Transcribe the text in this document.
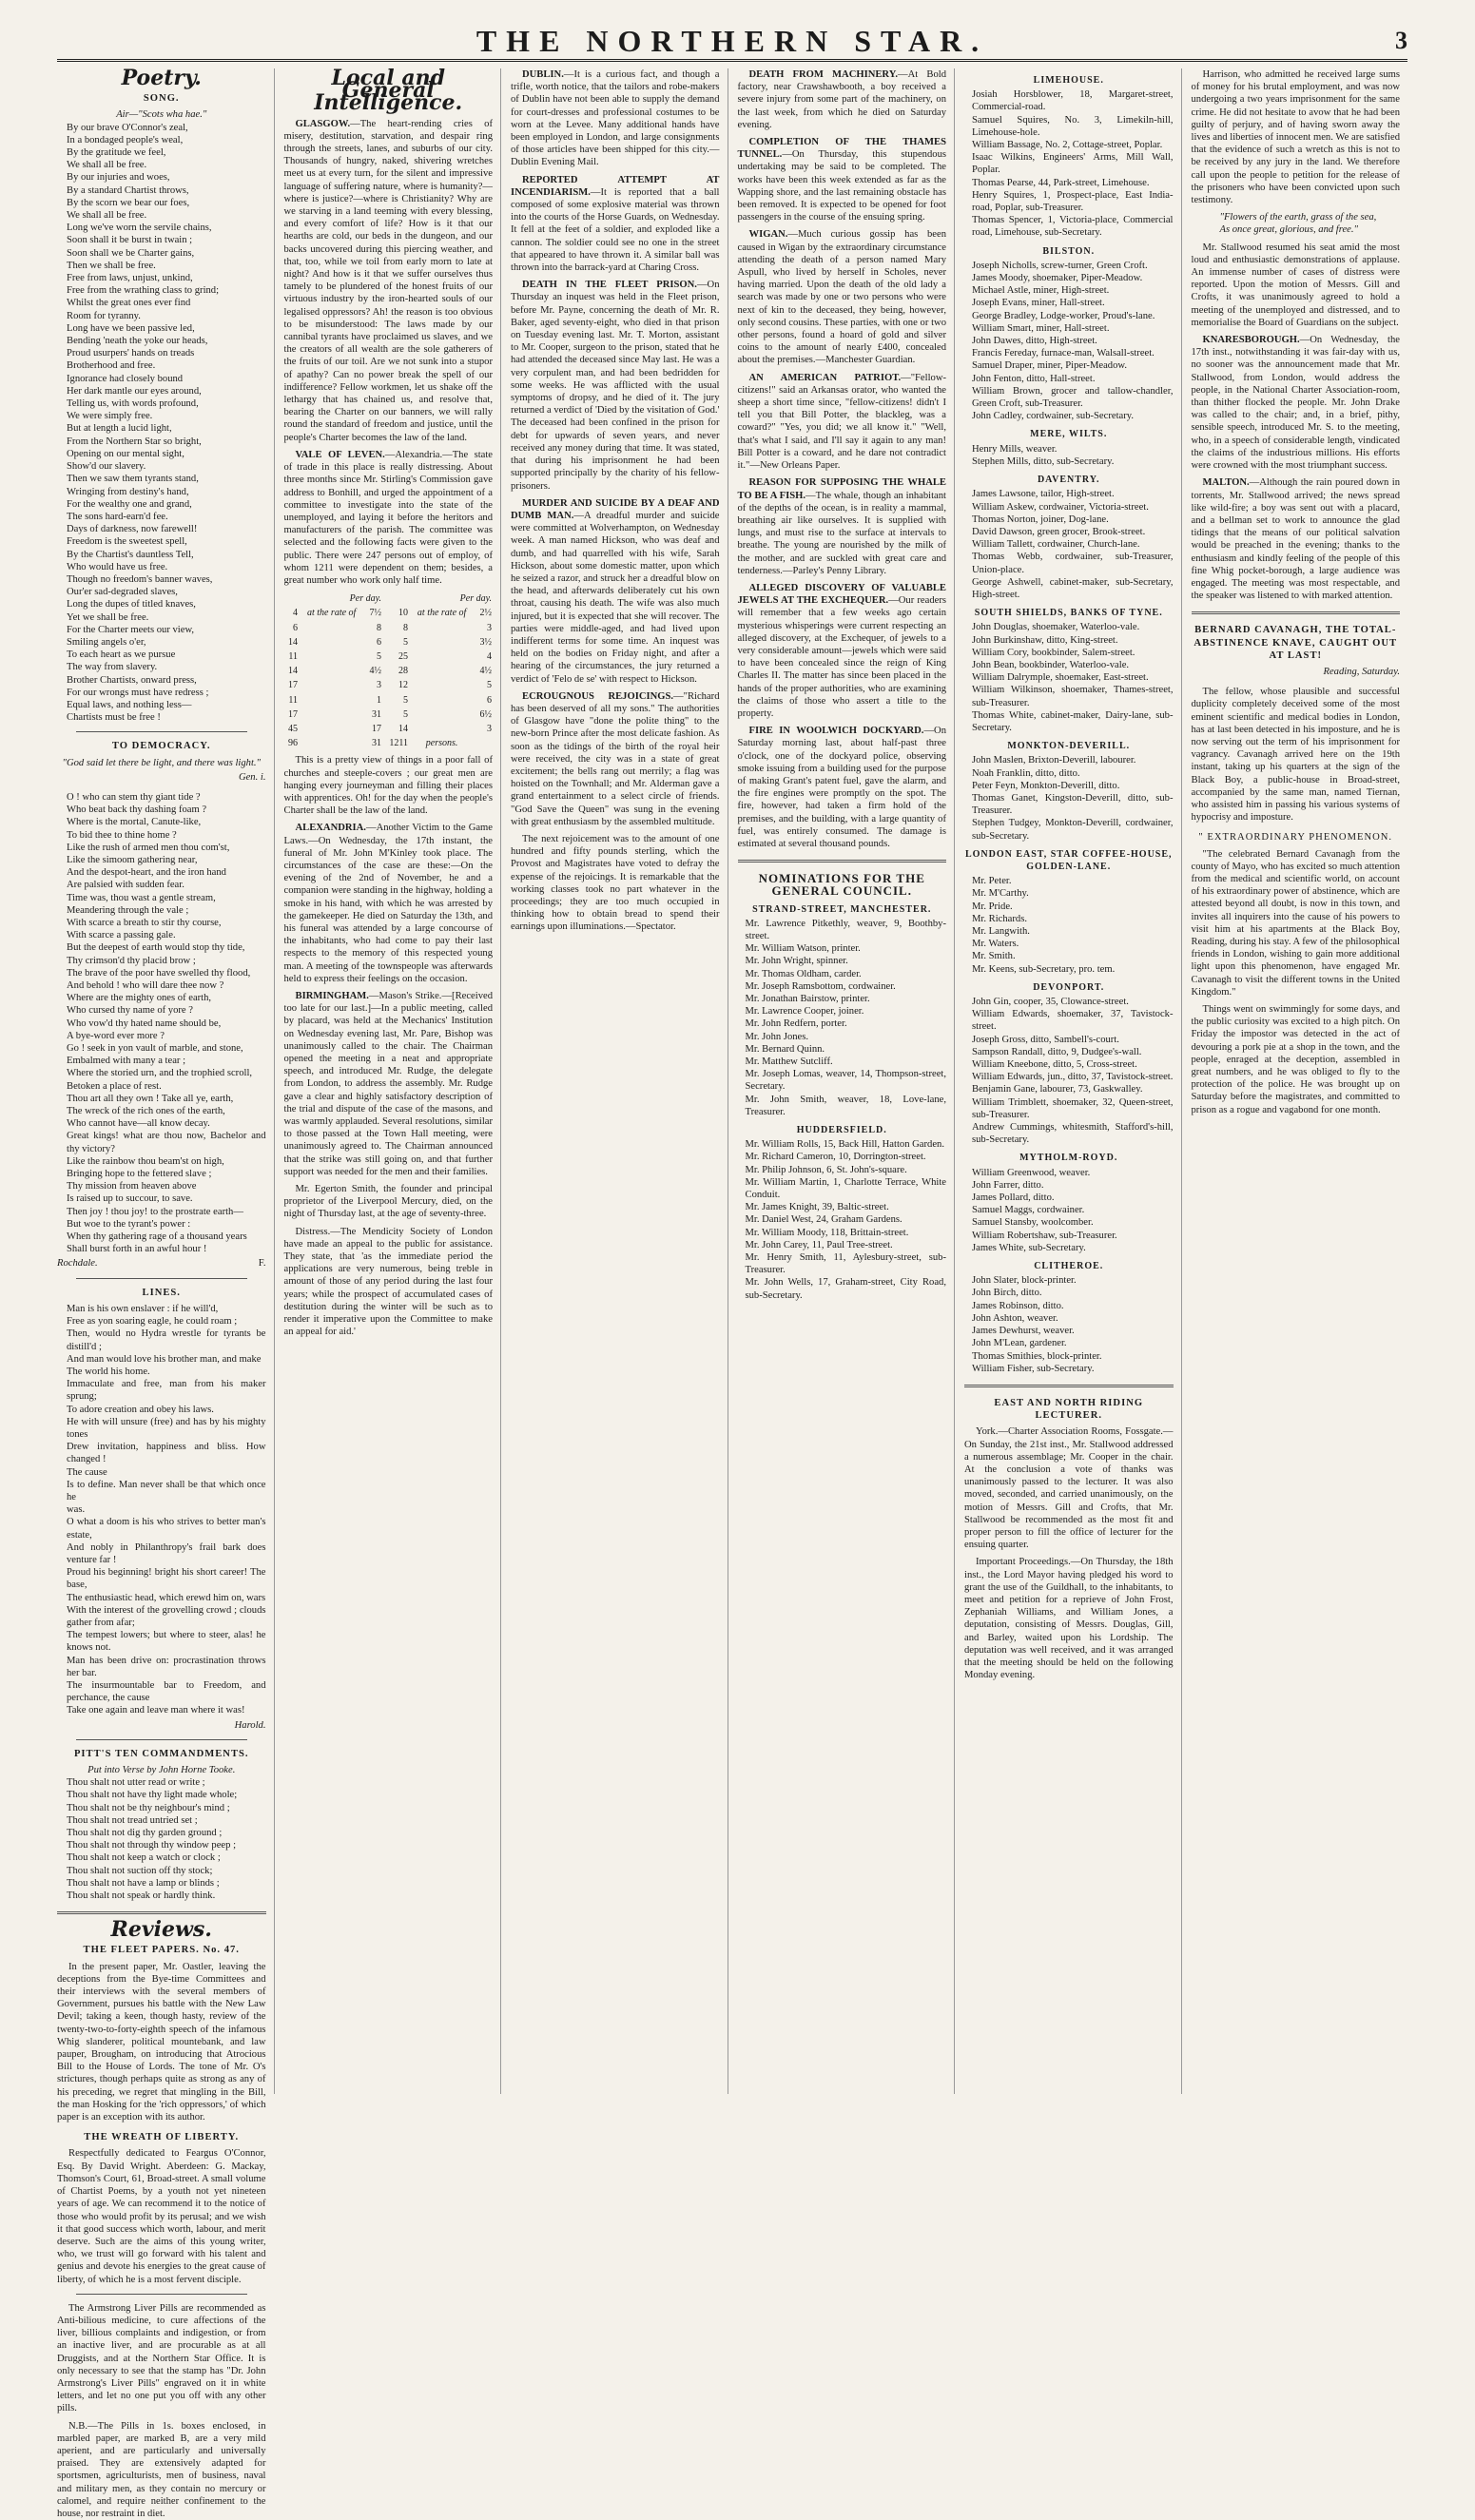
THE NORTHERN STAR.	3
Poetry.
SONG.
Air—"Scots wha hae."
By our brave O'Connor's zeal,
In a bondaged people's weal,
By the gratitude we feel,
We shall all be free.
By our injuries and woes,
By a standard Chartist throws,
By the scorn we bear our foes,
We shall all be free.
Long we've worn the servile chains,
Soon shall it be burst in twain ;
Soon shall we be Charter gains,
Then we shall be free.
Free from laws, unjust, unkind,
Free from the wrathing class to grind;
Whilst the great ones ever find
Room for tyranny.
Long have we been passive led,
Bending 'neath the yoke our heads,
Proud usurpers' hands on treads
Brotherhood and free.
Ignorance had closely bound
Her dark mantle our eyes around,
Telling us, with words profound,
We were simply free.
But at length a lucid light,
From the Northern Star so bright,
Opening on our mental sight,
Show'd our slavery.
Then we saw them tyrants stand,
Wringing from destiny's hand,
For the wealthy one and grand,
The sons hard-earn'd fee.
Days of darkness, now farewell!
Freedom is the sweetest spell,
By the Chartist's dauntless Tell,
Who would have us free.
Though no freedom's banner waves,
Our'er sad-degraded slaves,
Long the dupes of titled knaves,
Yet we shall be free.
For the Charter meets our view,
Smiling angels o'er,
To each heart as we pursue
The way from slavery.
Brother Chartists, onward press,
For our wrongs must have redress ;
Equal laws, and nothing less—
Chartists must be free !
TO DEMOCRACY.
"God said let there be light, and there was light."
Gen. i.
O ! who can stem thy giant tide ?
Who beat back thy dashing foam ?
Where is the mortal, Canute-like,
To bid thee to thine home ?
Like the rush of armed men thou com'st,
Like the simoom gathering near,
And the despot-heart, and the iron hand
Are palsied with sudden fear.
Time was, thou wast a gentle stream,
Meandering through the vale ;
With scarce a breath to stir thy course,
With scarce a passing gale.
But the deepest of earth would stop thy tide,
Thy crimson'd thy placid brow ;
The brave of the poor have swelled thy flood,
And behold ! who will dare thee now ?
Where are the mighty ones of earth,
Who cursed thy name of yore ?
Who vow'd thy hated name should be,
A bye-word ever more ?
Go ! seek in yon vault of marble, and stone,
Embalmed with many a tear ;
Where the storied urn, and the trophied scroll,
Betoken a place of rest.
Thou art all they own ! Take all ye, earth,
The wreck of the rich ones of the earth,
Who cannot have—all know decay.
Great kings! what are thou now, Bachelor and thy victory?
Like the rainbow thou beam'st on high,
Bringing hope to the fettered slave ;
Thy mission from heaven above
Is raised up to succour, to save.
Then joy ! thou joy! to the prostrate earth—
But woe to the tyrant's power :
When thy gathering rage of a thousand years
Shall burst forth in an awful hour !
Rochdale.	F.
LINES.
Man is his own enslaver : if he will'd,
Free as yon soaring eagle, he could roam ;
Then, would no Hydra wrestle for tyrants be distill'd ;
And man would love his brother man, and make
The world his home.
Immaculate and free, man from his maker sprung;
To adore creation and obey his laws.
He with will unsure (free) and has by his mighty tones
Drew invitation, happiness and bliss. How changed !
The cause
Is to define. Man never shall be that which once he
was.
O what a doom is his who strives to better man's estate,
And nobly in Philanthropy's frail bark does venture far !
Proud his beginning! bright his short career! The base,
The enthusiastic head, which erewd him on, wars
With the interest of the grovelling crowd ; clouds gather from afar;
The tempest lowers; but where to steer, alas! he knows not.
Man has been drive on: procrastination throws her bar.
The insurmountable bar to Freedom, and perchance, the cause
Take one again and leave man where it was!
Harold.
PITT'S TEN COMMANDMENTS.
Put into Verse by John Horne Tooke.
Thou shalt not utter read or write ;
Thou shalt not have thy light made whole;
Thou shalt not be thy neighbour's mind ;
Thou shalt not tread untried set ;
Thou shalt not dig thy garden ground ;
Thou shalt not through thy window peep ;
Thou shalt not keep a watch or clock ;
Thou shalt not suction off thy stock;
Thou shalt not have a lamp or blinds ;
Thou shalt not speak or hardly think.
Reviews.
THE FLEET PAPERS. No. 47.

In the present paper, Mr. Oastler, leaving the deceptions from the Bye-time Committees and their interviews with the several members of Government, pursues his battle with the New Law Devil; taking a keen, though hasty, review of the twenty-two-to-forty-eighth speech of the infamous Whig slanderer, political mountebank, and law pauper, Brougham, on introducing that Atrocious Bill to the House of Lords. The tone of Mr. O's strictures, though perhaps quite as strong as any of his preceding, we regret that mingling in the Bill, the man Hosking for the 'rich oppressors,' of which paper is an exception with its author.

THE WREATH OF LIBERTY.

Respectfully dedicated to Feargus O'Connor, Esq. By David Wright. Aberdeen: G. Mackay, Thomson's Court, 61, Broad-street. A small volume of Chartist Poems, by a youth not yet nineteen years of age. We can recommend it to the notice of those who would profit by its perusal; and we wish it that good success which worth, labour, and merit deserve. Such are the aims of this young writer, who, we trust will go forward with his talent and genius and devote his energies to the great cause of liberty, of which he is a most fervent disciple.

The Armstrong Liver Pills are recommended as Anti-bilious medicine, to cure affections of the liver, billious complaints and indigestion, or from an inactive liver, and are procurable as at all Druggists, and at the Northern Star Office. It is only necessary to see that the stamp has "Dr. John Armstrong's Liver Pills" engraved on it in white letters, and let no one put you off with any other pills.

N.B.—The Pills in 1s. boxes enclosed, in marbled paper, are marked B, are a very mild aperient, and are particularly and universally praised. They are extensively adapted for sportsmen, agriculturists, men of business, naval and military men, as they contain no mercury or calomel, and require neither confinement to the house, nor restraint in diet.

Local and General Intelligence.

GLASGOW.—The heart-rending cries of misery, destitution, starvation, and despair ring through the streets, lanes, and suburbs of our city. Thousands of hungry, naked, shivering wretches meet us at every turn, for the silent and impressive language of suffering nature, where is humanity?—where is justice?—where is Christianity? Why are we starving in a land teeming with every blessing, and every comfort of life? How is it that our hearths are cold, our beds in the dungeon, and our backs uncovered during this piercing weather, and that, too, while we toil from early morn to late at night? And how is it that we suffer ourselves thus tamely to be plundered of the honest fruits of our virtuous industry by the iron-hearted souls of our legalised oppressors? Ah! the reason is too obvious to be misunderstood: The laws made by our cannibal tyrants have proclaimed us slaves, and we the creators of all wealth are the sole gatherers of the fruits of our toil. Are we not sunk into a stupor of apathy? Can no power break the spell of our indifference? Fellow workmen, let us shake off the lethargy that has chained us, and resolve that, bearing the Charter on our banners, we will rally round the standard of freedom and justice, until the people's Charter becomes the law of the land.

VALE OF LEVEN.—Alexandria.—The state of trade in this place is really distressing. About three months since Mr. Stirling's Commission gave address to Bonhill, and urged the appointment of a committee to investigate into the state of the unemployed, and laying it before the heritors and manufacturers of the parish. The committee was selected and the following facts were given to the public. There were 247 persons out of employ, of whom 1211 were dependent on them; besides, a great number who work only half time.

Per day.			Per day.		
4	at the rate of	7½	10	at the rate of	2½
6		8	8		3
14		6	5		3½
11		5	25		4
14		4½	28		4½
17		3	12		5
11		1	5		6
17		31	5		6½
45		17	14		3
96		31	1211	persons.	

This is a pretty view of things in a poor fall of churches and steeple-covers ; our great men are hanging every journeyman and filling their places with apprentices. Oh! for the day when the people's Charter shall be the law of the land.

ALEXANDRIA.—Another Victim to the Game Laws.—On Wednesday, the 17th instant, the funeral of Mr. John M'Kinley took place. The circumstances of the case are these:—On the evening of the 2nd of November, he and a companion were standing in the highway, holding a smoke in his hand, with which he was arrested by the gamekeeper. He died on Saturday the 13th, and his funeral was attended by a large concourse of the inhabitants, who had come to pay their last respects to the memory of this respected young man. A meeting of the townspeople was afterwards held to express their feelings on the occasion.

BIRMINGHAM.—Mason's Strike.—[Received too late for our last.]—In a public meeting, called by placard, was held at the Mechanics' Institution on Wednesday evening last, Mr. Pare, Bishop was unanimously called to the chair. The Chairman opened the meeting in a neat and appropriate speech, and introduced Mr. Rudge, the delegate from London, to address the assembly. Mr. Rudge gave a clear and highly satisfactory description of the trial and dispute of the case of the masons, and was warmly applauded. Several resolutions, similar to those passed at the Town Hall meeting, were unanimously agreed to. The Chairman announced that the strike was still going on, and that further support was needed for the men and their families.

Mr. Egerton Smith, the founder and principal proprietor of the Liverpool Mercury, died, on the night of Thursday last, at the age of seventy-three.

Distress.—The Mendicity Society of London have made an appeal to the public for assistance. They state, that 'as the immediate period the applications are very numerous, being treble in amount of those of any period during the last four years; while the prospect of accumulated cases of destitution during the winter will be such as to render it imperative upon the Committee to make an appeal for aid.'

DUBLIN.—It is a curious fact, and though a trifle, worth notice, that the tailors and robe-makers of Dublin have not been able to supply the demand for court-dresses and professional costumes to be worn at the Levee. Many additional hands have been employed in London, and large consignments of those articles have been shipped for this city.—Dublin Evening Mail.

REPORTED ATTEMPT AT INCENDIARISM.—It is reported that a ball composed of some explosive material was thrown into the courts of the Horse Guards, on Wednesday. It fell at the feet of a soldier, and exploded like a cannon. The soldier could see no one in the street that appeared to have thrown it. A similar ball was thrown into the barrack-yard at Charing Cross.

DEATH IN THE FLEET PRISON.—On Thursday an inquest was held in the Fleet prison, before Mr. Payne, concerning the death of Mr. R. Baker, aged seventy-eight, who died in that prison on Tuesday evening last. Mr. T. Morton, assistant to Mr. Cooper, surgeon to the prison, stated that he had attended the deceased since May last. He was a very corpulent man, and had been bedridden for some weeks. He was afflicted with the usual symptoms of dropsy, and he died of it. The jury returned a verdict of 'Died by the visitation of God.' The deceased had been confined in the prison for debt for upwards of seven years, and never received any money during that time. It was stated, that during his imprisonment he had been supported principally by the charity of his fellow-prisoners.

MURDER AND SUICIDE BY A DEAF AND DUMB MAN.—A dreadful murder and suicide were committed at Wolverhampton, on Wednesday week. A man named Hickson, who was deaf and dumb, and had quarrelled with his wife, Sarah Hickson, about some domestic matter, upon which he seized a razor, and struck her a dreadful blow on the head, and afterwards deliberately cut his own throat, causing his death. The wife was also much injured, but it is expected that she will recover. The parties were middle-aged, and had lived upon indifferent terms for some time. An inquest was held on the bodies on Friday night, and after a hearing of the circumstances, the jury returned a verdict of 'Felo de se' with respect to Hickson.

ECROUGNOUS REJOICINGS.—"Richard has been deserved of all my sons." The authorities of Glasgow have "done the polite thing" to the new-born Prince after the most delicate fashion. As soon as the tidings of the birth of the royal heir were received, the city was in a state of great excitement; the bells rang out merrily; a flag was hoisted on the Townhall; and Mr. Alderman gave a grand entertainment to a select circle of friends. "God Save the Queen" was sung in the evening with great enthusiasm by the assembled multitude.

The next rejoicement was to the amount of one hundred and fifty pounds sterling, which the Provost and Magistrates have voted to defray the expense of the rejoicings. It is remarkable that the working classes took no part whatever in the proceedings; they are too much occupied in thinking how to obtain bread to spend their earnings upon illuminations.—Spectator.

DEATH FROM MACHINERY.—At Bold factory, near Crawshawbooth, a boy received a severe injury from some part of the machinery, on the last week, from which he died on Saturday evening.

COMPLETION OF THE THAMES TUNNEL.—On Thursday, this stupendous undertaking may be said to be completed. The works have been this week extended as far as the Wapping shore, and the last remaining obstacle has been removed. It is expected to be opened for foot passengers in the course of the ensuing spring.

WIGAN.—Much curious gossip has been caused in Wigan by the extraordinary circumstance attending the death of a person named Mary Aspull, who lived by herself in Scholes, never having married. Upon the death of the old lady a search was made by one or two persons who were next of kin to the deceased, they being, however, only second cousins. These parties, with one or two other persons, found a hoard of gold and silver coins to the amount of nearly £400, concealed about the premises.—Manchester Guardian.

AN AMERICAN PATRIOT.—"Fellow-citizens!" said an Arkansas orator, who wanted the sheep a short time since, "fellow-citizens! didn't I tell you that Bill Potter, the blackleg, was a coward?" "Yes, you did; we all know it." "Well, that's what I said, and I'll say it again to any man! Bill Potter is a coward, and he dare not contradict it."—New Orleans Paper.

REASON FOR SUPPOSING THE WHALE TO BE A FISH.—The whale, though an inhabitant of the depths of the ocean, is in reality a mammal, breathing air like ourselves. It is supplied with lungs, and must rise to the surface at intervals to breathe. The young are nourished by the milk of the mother, and are suckled with great care and tenderness.—Parley's Penny Library.

ALLEGED DISCOVERY OF VALUABLE JEWELS AT THE EXCHEQUER.—Our readers will remember that a few weeks ago certain mysterious whisperings were current respecting an alleged discovery, at the Exchequer, of jewels to a very considerable amount—jewels which were said to have been concealed since the reign of King Charles II. The matter has since been placed in the hands of the proper authorities, who are examining the claims of those who assert a title to the property.

FIRE IN WOOLWICH DOCKYARD.—On Saturday morning last, about half-past three o'clock, one of the dockyard police, observing smoke issuing from a building used for the purpose of making Grant's patent fuel, gave the alarm, and the fire engines were promptly on the spot. The fire, however, had taken a firm hold of the premises, and the building, with a large quantity of fuel, was entirely consumed. The damage is estimated at several thousand pounds.

NOMINATIONS FOR THE GENERAL COUNCIL.
STRAND-STREET, MANCHESTER.
Mr. Lawrence Pitkethly, weaver, 9, Boothby-street.
Mr. William Watson, printer.
Mr. John Wright, spinner.
Mr. Thomas Oldham, carder.
Mr. Joseph Ramsbottom, cordwainer.
Mr. Jonathan Bairstow, printer.
Mr. Lawrence Cooper, joiner.
Mr. John Redfern, porter.
Mr. John Jones.
Mr. Bernard Quinn.
Mr. Matthew Sutcliff.
Mr. Joseph Lomas, weaver, 14, Thompson-street, Secretary.
Mr. John Smith, weaver, 18, Love-lane, Treasurer.
HUDDERSFIELD.
Mr. William Rolls, 15, Back Hill, Hatton Garden.
Mr. Richard Cameron, 10, Dorrington-street.
Mr. Philip Johnson, 6, St. John's-square.
Mr. William Martin, 1, Charlotte Terrace, White Conduit.
Mr. James Knight, 39, Baltic-street.
Mr. Daniel West, 24, Graham Gardens.
Mr. William Moody, 118, Brittain-street.
Mr. John Carey, 11, Paul Tree-street.
Mr. Henry Smith, 11, Aylesbury-street, sub-Treasurer.
Mr. John Wells, 17, Graham-street, City Road, sub-Secretary.
LIMEHOUSE.
Josiah Horsblower, 18, Margaret-street, Commercial-road.
Samuel Squires, No. 3, Limekiln-hill, Limehouse-hole.
William Bassage, No. 2, Cottage-street, Poplar.
Isaac Wilkins, Engineers' Arms, Mill Wall, Poplar.
Thomas Pearse, 44, Park-street, Limehouse.
Henry Squires, 1, Prospect-place, East India-road, Poplar, sub-Treasurer.
Thomas Spencer, 1, Victoria-place, Commercial road, Limehouse, sub-Secretary.
BILSTON.
Joseph Nicholls, screw-turner, Green Croft.
James Moody, shoemaker, Piper-Meadow.
Michael Astle, miner, High-street.
Joseph Evans, miner, Hall-street.
George Bradley, Lodge-worker, Proud's-lane.
William Smart, miner, Hall-street.
John Dawes, ditto, High-street.
Francis Fereday, furnace-man, Walsall-street.
Samuel Draper, miner, Piper-Meadow.
John Fenton, ditto, Hall-street.
William Brown, grocer and tallow-chandler, Green Croft, sub-Treasurer.
John Cadley, cordwainer, sub-Secretary.
MERE, WILTS.
Henry Mills, weaver.
Stephen Mills, ditto, sub-Secretary.
DAVENTRY.
James Lawsone, tailor, High-street.
William Askew, cordwainer, Victoria-street.
Thomas Norton, joiner, Dog-lane.
David Dawson, green grocer, Brook-street.
William Tallett, cordwainer, Church-lane.
Thomas Webb, cordwainer, sub-Treasurer, Union-place.
George Ashwell, cabinet-maker, sub-Secretary, High-street.
SOUTH SHIELDS, BANKS OF TYNE.
John Douglas, shoemaker, Waterloo-vale.
John Burkinshaw, ditto, King-street.
William Cory, bookbinder, Salem-street.
John Bean, bookbinder, Waterloo-vale.
William Dalrymple, shoemaker, East-street.
William Wilkinson, shoemaker, Thames-street, sub-Treasurer.
Thomas White, cabinet-maker, Dairy-lane, sub-Secretary.
MONKTON-DEVERILL.
John Maslen, Brixton-Deverill, labourer.
Noah Franklin, ditto, ditto.
Peter Feyn, Monkton-Deverill, ditto.
Thomas Ganet, Kingston-Deverill, ditto, sub-Treasurer.
Stephen Tudgey, Monkton-Deverill, cordwainer, sub-Secretary.
LONDON EAST, STAR COFFEE-HOUSE, GOLDEN-LANE.
Mr. Peter.
Mr. M'Carthy.
Mr. Pride.
Mr. Richards.
Mr. Langwith.
Mr. Waters.
Mr. Smith.
Mr. Keens, sub-Secretary, pro. tem.
DEVONPORT.
John Gin, cooper, 35, Clowance-street.
William Edwards, shoemaker, 37, Tavistock-street.
Joseph Gross, ditto, Sambell's-court.
Sampson Randall, ditto, 9, Dudgee's-wall.
William Kneebone, ditto, 5, Cross-street.
William Edwards, jun., ditto, 37, Tavistock-street.
Benjamin Gane, labourer, 73, Gaskwalley.
William Trimblett, shoemaker, 32, Queen-street, sub-Treasurer.
Andrew Cummings, whitesmith, Stafford's-hill, sub-Secretary.
MYTHOLM-ROYD.
William Greenwood, weaver.
John Farrer, ditto.
James Pollard, ditto.
Samuel Maggs, cordwainer.
Samuel Stansby, woolcomber.
William Robertshaw, sub-Treasurer.
James White, sub-Secretary.
CLITHEROE.
John Slater, block-printer.
John Birch, ditto.
James Robinson, ditto.
John Ashton, weaver.
James Dewhurst, weaver.
John M'Lean, gardener.
Thomas Smithies, block-printer.
William Fisher, sub-Secretary.
EAST AND NORTH RIDING LECTURER.

York.—Charter Association Rooms, Fossgate.—On Sunday, the 21st inst., Mr. Stallwood addressed a numerous assemblage; Mr. Cooper in the chair. At the conclusion a vote of thanks was unanimously passed to the lecturer. It was also moved, seconded, and carried unanimously, on the motion of Messrs. Gill and Crofts, that Mr. Stallwood be recommended as the most fit and proper person to fill the office of lecturer for the ensuing quarter.

Important Proceedings.—On Thursday, the 18th inst., the Lord Mayor having pledged his word to grant the use of the Guildhall, to the inhabitants, to meet and petition for a reprieve of John Frost, Zephaniah Williams, and William Jones, a deputation, consisting of Messrs. Douglas, Gill, and Barley, waited upon his Lordship. The deputation was well received, and it was arranged that the meeting should be held on the following Monday evening.

Harrison, who admitted he received large sums of money for his brutal employment, and was now undergoing a two years imprisonment for the same crime. He did not hesitate to avow that he had been guilty of perjury, and of having sworn away the lives and liberties of innocent men. We are satisfied that the evidence of such a wretch as this is not to be received by any jury in the land. We therefore call upon the people to petition for the release of the prisoners who have been convicted upon such testimony.

"Flowers of the earth, grass of the sea,
As once great, glorious, and free."

Mr. Stallwood resumed his seat amid the most loud and enthusiastic demonstrations of applause. An immense number of cases of distress were reported. Upon the motion of Messrs. Gill and Crofts, it was unanimously agreed to hold a meeting of the unemployed and distressed, and to memorialise the Board of Guardians on the subject.

KNARESBOROUGH.—On Wednesday, the 17th inst., notwithstanding it was fair-day with us, no sooner was the announcement made that Mr. Stallwood, from London, would address the people, in the National Charter Association-room, than thither flocked the people. Mr. John Drake was called to the chair; and, in a brief, pithy, sensible speech, introduced Mr. S. to the meeting, who, in a speech of considerable length, vindicated the claims of the industrious millions. His efforts were crowned with the most triumphant success.

MALTON.—Although the rain poured down in torrents, Mr. Stallwood arrived; the news spread like wild-fire; a boy was sent out with a placard, and a bellman set to work to announce the glad tidings that the means of our political salvation would be preached in the evening; thanks to the enthusiasm and kindly feeling of the people of this fine Whig pocket-borough, a large audience was engaged. The meeting was most respectable, and the speaker was listened to with marked attention.

BERNARD CAVANAGH, THE TOTAL-ABSTINENCE KNAVE, CAUGHT OUT AT LAST!
Reading, Saturday.

The fellow, whose plausible and successful duplicity completely deceived some of the most eminent scientific and medical bodies in London, has at last been detected in his imposture, and he is now serving out the term of his imprisonment for vagrancy. Cavanagh arrived here on the 19th instant, taking up his quarters at the sign of the Black Boy, a public-house in Broad-street, accompanied by the same man, named Tiernan, who assisted him in passing his various systems of hypocrisy and imposture.

" EXTRAORDINARY PHENOMENON.

"The celebrated Bernard Cavanagh from the county of Mayo, who has excited so much attention from the medical and scientific world, on account of his extraordinary power of abstinence, which are attested beyond all doubt, is now in this town, and invites all inquirers into the cause of his powers to visit him at his apartments at the Black Boy, Reading, during his stay. A few of the philosophical friends in London, wishing to gain more additional light upon this phenomenon, have engaged Mr. Cavanagh to visit the different towns in the United Kingdom."

Things went on swimmingly for some days, and the public curiosity was excited to a high pitch. On Friday the impostor was detected in the act of devouring a pork pie at a shop in the town, and the people, enraged at the deception, assembled in great numbers, and he was obliged to fly to the protection of the police. He was brought up on Saturday before the magistrates, and committed to prison as a rogue and vagabond for one month.
